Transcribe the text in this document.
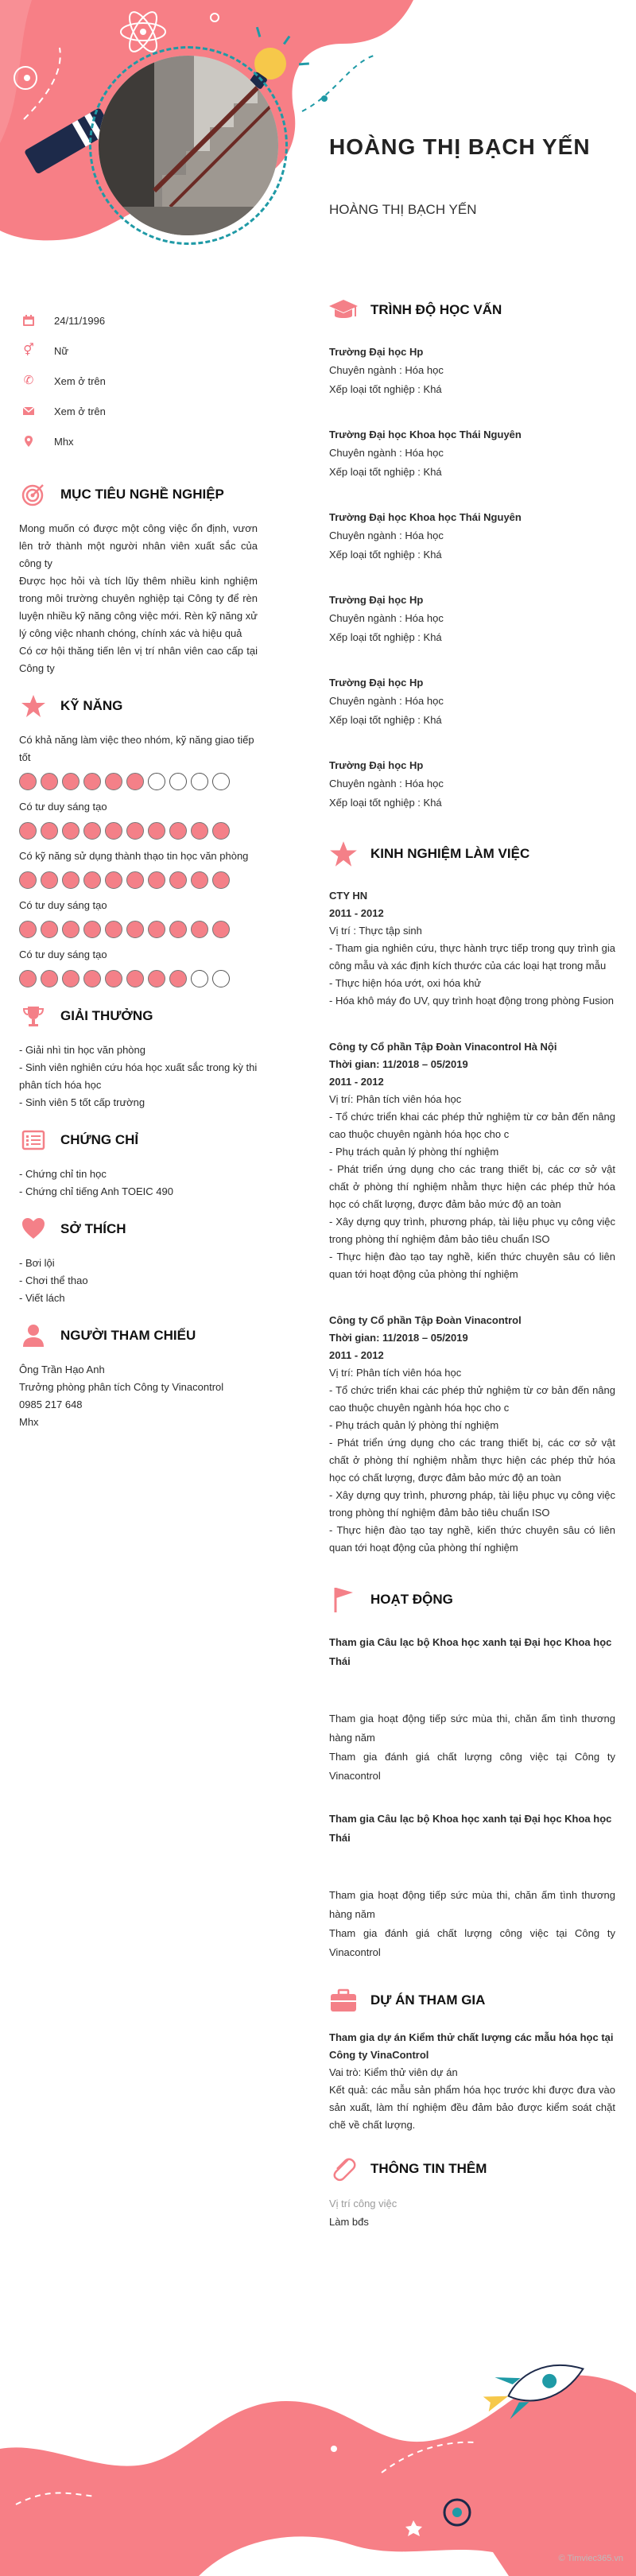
HOÀNG THỊ BẠCH YẾN
HOÀNG THỊ BẠCH YẾN
24/11/1996
⚥ Nữ
✆ Xem ở trên
Xem ở trên
Mhx
MỤC TIÊU NGHỀ NGHIỆP

Mong muốn có được một công việc ổn định, vươn lên trở thành một người nhân viên xuất sắc của công ty

Được học hỏi và tích lũy thêm nhiều kinh nghiệm trong môi trường chuyên nghiệp tại Công ty để rèn luyện nhiều kỹ năng công việc mới. Rèn kỹ năng xử lý công việc nhanh chóng, chính xác và hiệu quả

Có cơ hội thăng tiến lên vị trí nhân viên cao cấp tại Công ty

KỸ NĂNG

Có khả năng làm việc theo nhóm, kỹ năng giao tiếp tốt

Có tư duy sáng tạo

Có kỹ năng sử dụng thành thạo tin học văn phòng

Có tư duy sáng tạo

Có tư duy sáng tạo

GIẢI THƯỞNG

- Giải nhì tin học văn phòng

- Sinh viên nghiên cứu hóa học xuất sắc trong kỳ thi phân tích hóa học

- Sinh viên 5 tốt cấp trường

CHỨNG CHỈ

- Chứng chỉ tin học

- Chứng chỉ tiếng Anh TOEIC 490

SỞ THÍCH

- Bơi lội

- Chơi thể thao

- Viết lách

NGƯỜI THAM CHIẾU

Ông Trần Hạo Anh

Trưởng phòng phân tích Công ty Vinacontrol

0985 217 648

Mhx

TRÌNH ĐỘ HỌC VẤN

Trường Đại học Hp

Chuyên ngành : Hóa học

Xếp loại tốt nghiệp : Khá

Trường Đại học Khoa học Thái Nguyên

Chuyên ngành : Hóa học

Xếp loại tốt nghiệp : Khá

Trường Đại học Khoa học Thái Nguyên

Chuyên ngành : Hóa học

Xếp loại tốt nghiệp : Khá

Trường Đại học Hp

Chuyên ngành : Hóa học

Xếp loại tốt nghiệp : Khá

Trường Đại học Hp

Chuyên ngành : Hóa học

Xếp loại tốt nghiệp : Khá

Trường Đại học Hp

Chuyên ngành : Hóa học

Xếp loại tốt nghiệp : Khá

KINH NGHIỆM LÀM VIỆC

CTY HN

2011 - 2012

Vị trí : Thực tập sinh

- Tham gia nghiên cứu, thực hành trực tiếp trong quy trình gia công mẫu và xác định kích thước của các loại hạt trong mẫu

- Thực hiện hóa ướt, oxi hóa khử

- Hóa khô máy đo UV, quy trình hoạt động trong phòng Fusion

Công ty Cổ phần Tập Đoàn Vinacontrol Hà Nội

Thời gian: 11/2018 – 05/2019

2011 - 2012

Vị trí: Phân tích viên hóa học

- Tổ chức triển khai các phép thử nghiệm từ cơ bản đến nâng cao thuộc chuyên ngành hóa học cho c

- Phụ trách quản lý phòng thí nghiệm

- Phát triển ứng dụng cho các trang thiết bị, các cơ sở vật chất ở phòng thí nghiệm nhằm thực hiện các phép thử hóa học có chất lượng, được đảm bảo mức độ an toàn

- Xây dựng quy trình, phương pháp, tài liệu phục vụ công việc trong phòng thí nghiệm đảm bảo tiêu chuẩn ISO

- Thực hiện đào tạo tay nghề, kiến thức chuyên sâu có liên quan tới hoạt động của phòng thí nghiệm

Công ty Cổ phần Tập Đoàn Vinacontrol

Thời gian: 11/2018 – 05/2019

2011 - 2012

Vị trí: Phân tích viên hóa học

- Tổ chức triển khai các phép thử nghiệm từ cơ bản đến nâng cao thuộc chuyên ngành hóa học cho c

- Phụ trách quản lý phòng thí nghiệm

- Phát triển ứng dụng cho các trang thiết bị, các cơ sở vật chất ở phòng thí nghiệm nhằm thực hiện các phép thử hóa học có chất lượng, được đảm bảo mức độ an toàn

- Xây dựng quy trình, phương pháp, tài liệu phục vụ công việc trong phòng thí nghiệm đảm bảo tiêu chuẩn ISO

- Thực hiện đào tạo tay nghề, kiến thức chuyên sâu có liên quan tới hoạt động của phòng thí nghiệm

HOẠT ĐỘNG

Tham gia Câu lạc bộ Khoa học xanh tại Đại học Khoa học Thái

Tham gia hoạt động tiếp sức mùa thi, chăn ấm tình thương hàng năm

Tham gia đánh giá chất lượng công việc tại Công ty Vinacontrol

Tham gia Câu lạc bộ Khoa học xanh tại Đại học Khoa học Thái

Tham gia hoạt động tiếp sức mùa thi, chăn ấm tình thương hàng năm

Tham gia đánh giá chất lượng công việc tại Công ty Vinacontrol

DỰ ÁN THAM GIA

Tham gia dự án Kiểm thử chất lượng các mẫu hóa học tại Công ty VinaControl

Vai trò: Kiểm thử viên dự án

Kết quả: các mẫu sản phẩm hóa học trước khi được đưa vào sản xuất, làm thí nghiệm đều đảm bảo được kiểm soát chặt chẽ về chất lượng.

THÔNG TIN THÊM

Vị trí công việc

Làm bđs

© Timviec365.vn
